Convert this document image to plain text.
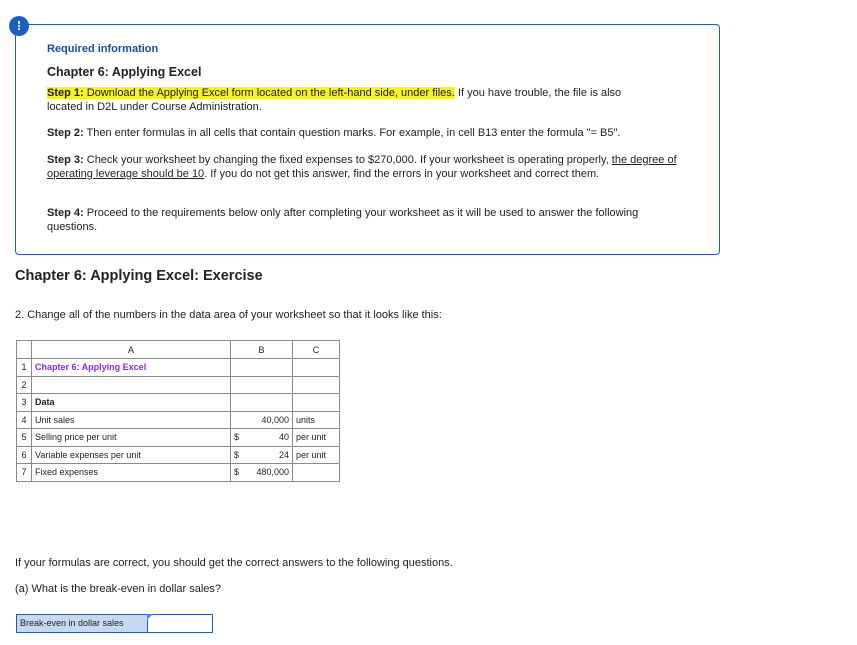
!
Required information
Chapter 6: Applying Excel
Step 1: Download the Applying Excel form located on the left-hand side, under files. If you have trouble, the file is also
located in D2L under Course Administration.
Step 2: Then enter formulas in all cells that contain question marks. For example, in cell B13 enter the formula "= B5".
Step 3: Check your worksheet by changing the fixed expenses to $270,000. If your worksheet is operating properly, the degree of operating leverage should be 10. If you do not get this answer, find the errors in your worksheet and correct them.
Step 4: Proceed to the requirements below only after completing your worksheet as it will be used to answer the following questions.
Chapter 6: Applying Excel: Exercise
2. Change all of the numbers in the data area of your worksheet so that it looks like this:
	A	B	C
1	Chapter 6: Applying Excel	

2		

3	Data	

4	Unit sales	40,000	units
5	Selling price per unit	$ 40	per unit
6	Variable expenses per unit	$ 24	per unit
7	Fixed expenses	$ 480,000	

If your formulas are correct, you should get the correct answers to the following questions.
(a) What is the break-even in dollar sales?
Break-even in dollar sales
